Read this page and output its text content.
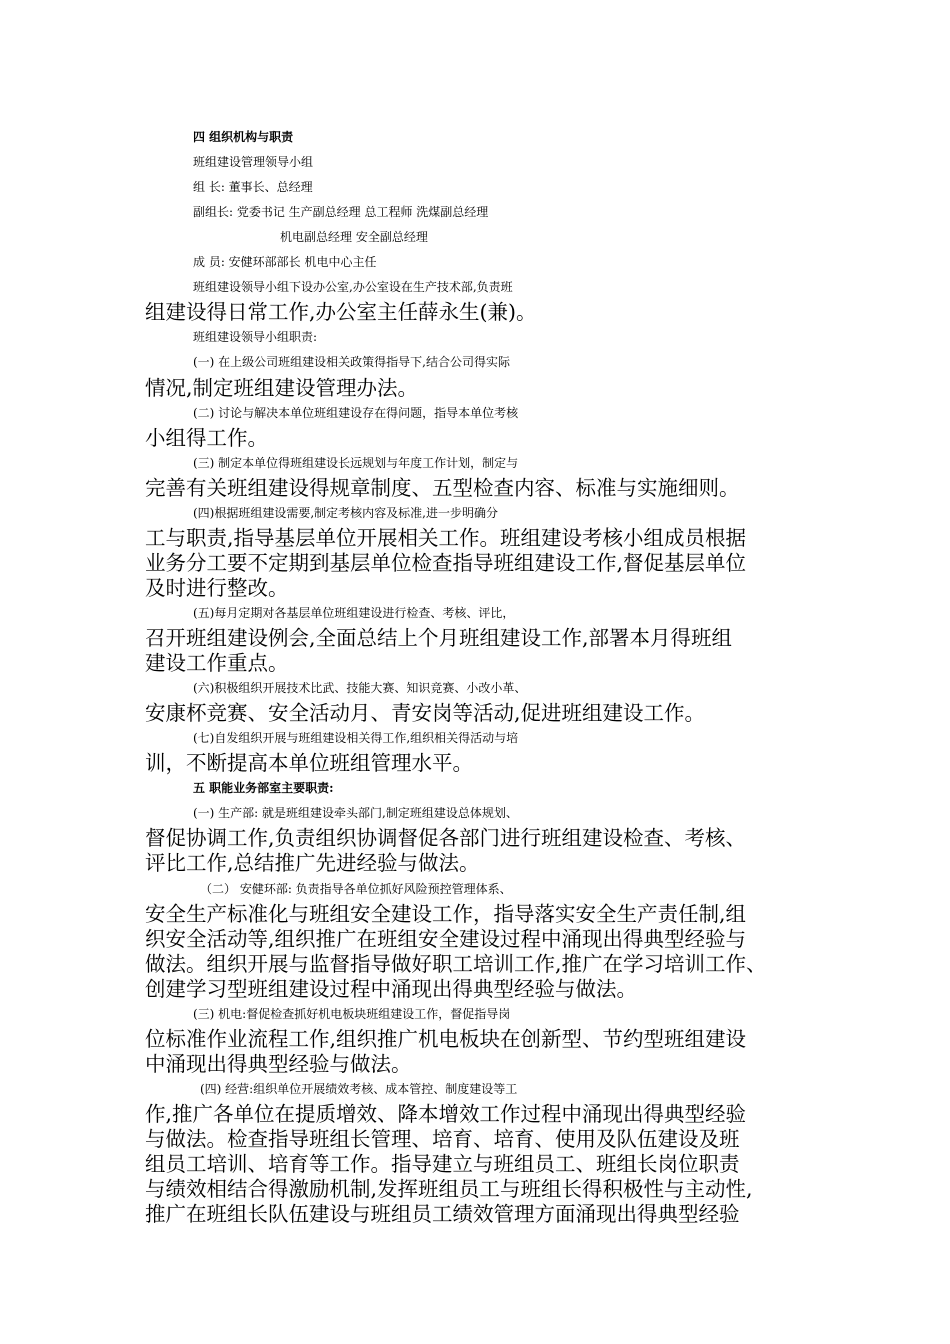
四 组织机构与职责
班组建设管理领导小组
组 长: 董事长、总经理
副组长: 党委书记 生产副总经理 总工程师 洗煤副总经理
机电副总经理 安全副总经理
成 员: 安健环部部长 机电中心主任
班组建设领导小组下设办公室,办公室设在生产技术部,负责班
组建设得日常工作,办公室主任薛永生(兼)。
班组建设领导小组职责:
(一) 在上级公司班组建设相关政策得指导下,结合公司得实际
情况,制定班组建设管理办法。
(二) 讨论与解决本单位班组建设存在得问题，指导本单位考核
小组得工作。
(三) 制定本单位得班组建设长远规划与年度工作计划，制定与
完善有关班组建设得规章制度、五型检查内容、标准与实施细则。
(四)根据班组建设需要,制定考核内容及标准,进一步明确分
工与职责,指导基层单位开展相关工作。班组建设考核小组成员根据
业务分工要不定期到基层单位检查指导班组建设工作,督促基层单位
及时进行整改。
(五)每月定期对各基层单位班组建设进行检查、考核、评比，
召开班组建设例会,全面总结上个月班组建设工作,部署本月得班组
建设工作重点。
(六)积极组织开展技术比武、技能大赛、知识竞赛、小改小革、
安康杯竞赛、安全活动月、青安岗等活动,促进班组建设工作。
(七)自发组织开展与班组建设相关得工作,组织相关得活动与培
训，不断提高本单位班组管理水平。
五 职能业务部室主要职责:
(一) 生产部: 就是班组建设牵头部门,制定班组建设总体规划、
督促协调工作,负责组织协调督促各部门进行班组建设检查、考核、
评比工作,总结推广先进经验与做法。
（二） 安健环部: 负责指导各单位抓好风险预控管理体系、
安全生产标准化与班组安全建设工作，指导落实安全生产责任制,组
织安全活动等,组织推广在班组安全建设过程中涌现出得典型经验与
做法。组织开展与监督指导做好职工培训工作,推广在学习培训工作、
创建学习型班组建设过程中涌现出得典型经验与做法。
(三) 机电:督促检查抓好机电板块班组建设工作，督促指导岗
位标准作业流程工作,组织推广机电板块在创新型、节约型班组建设
中涌现出得典型经验与做法。
(四) 经营:组织单位开展绩效考核、成本管控、制度建设等工
作,推广各单位在提质增效、降本增效工作过程中涌现出得典型经验
与做法。检查指导班组长管理、培育、培育、使用及队伍建设及班
组员工培训、培育等工作。指导建立与班组员工、班组长岗位职责
与绩效相结合得激励机制,发挥班组员工与班组长得积极性与主动性,
推广在班组长队伍建设与班组员工绩效管理方面涌现出得典型经验
